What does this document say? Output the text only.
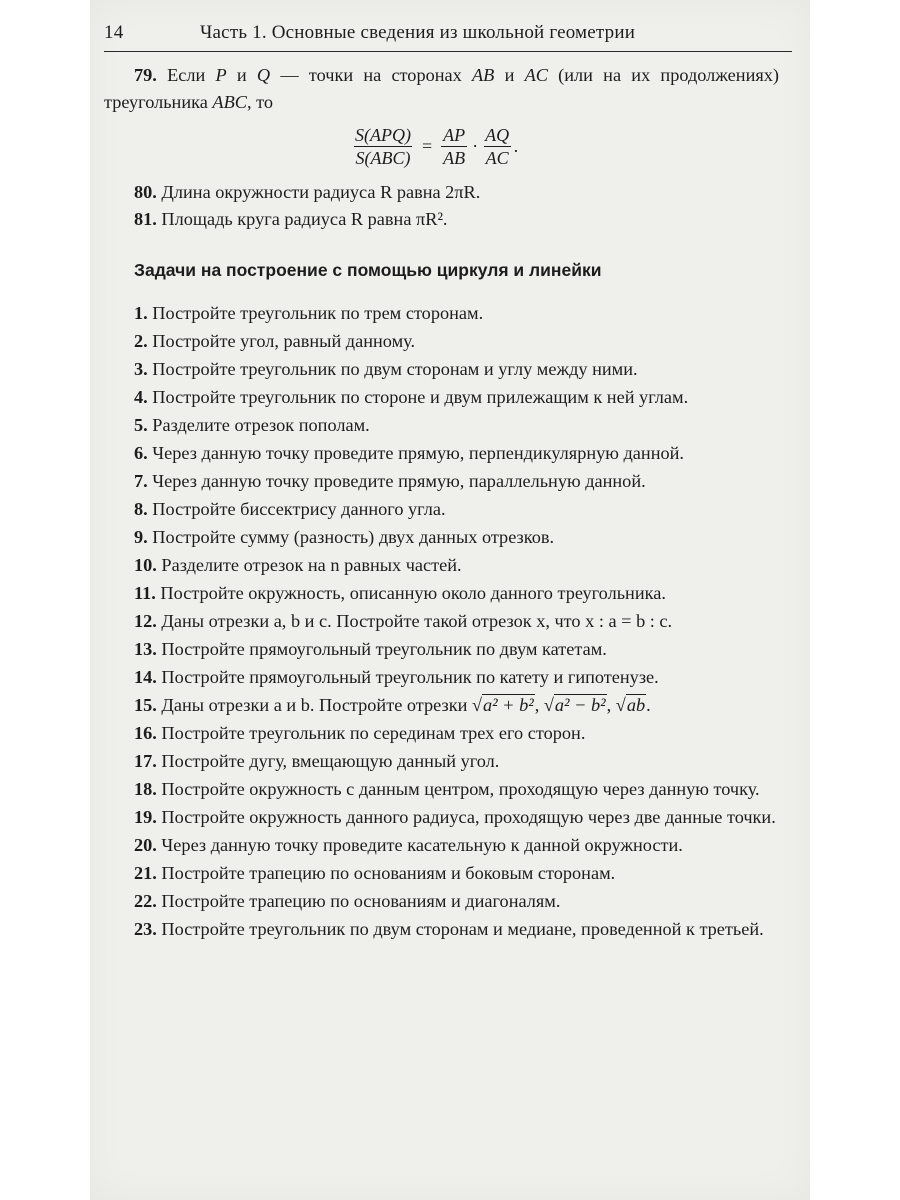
14	Часть 1. Основные сведения из школьной геометрии

79. Если P и Q — точки на сторонах AB и AC (или на их продолжениях) треугольника ABC, то

$\frac{\text{S(APQ)}}{\text{S(ABC)}} = \frac{AP}{AB} \cdot \frac{AQ}{AC}$ .

80. Длина окружности радиуса R равна 2πR.

81. Площадь круга радиуса R равна πR².

Задачи на построение с помощью циркуля и линейки

1. Постройте треугольник по трем сторонам.

2. Постройте угол, равный данному.

3. Постройте треугольник по двум сторонам и углу между ними.

4. Постройте треугольник по стороне и двум прилежащим к ней углам.

5. Разделите отрезок пополам.

6. Через данную точку проведите прямую, перпендикулярную данной.

7. Через данную точку проведите прямую, параллельную данной.

8. Постройте биссектрису данного угла.

9. Постройте сумму (разность) двух данных отрезков.

10. Разделите отрезок на n равных частей.

11. Постройте окружность, описанную около данного треугольника.

12. Даны отрезки a, b и c. Постройте такой отрезок x, что x : a = b : c.

13. Постройте прямоугольный треугольник по двум катетам.

14. Постройте прямоугольный треугольник по катету и гипотенузе.

15. Даны отрезки a и b. Постройте отрезки √a² + b², √a² − b², √ab.

16. Постройте треугольник по серединам трех его сторон.

17. Постройте дугу, вмещающую данный угол.

18. Постройте окружность с данным центром, проходящую через данную точку.

19. Постройте окружность данного радиуса, проходящую через две данные точки.

20. Через данную точку проведите касательную к данной окружности.

21. Постройте трапецию по основаниям и боковым сторонам.

22. Постройте трапецию по основаниям и диагоналям.

23. Постройте треугольник по двум сторонам и медиане, проведенной к третьей.
